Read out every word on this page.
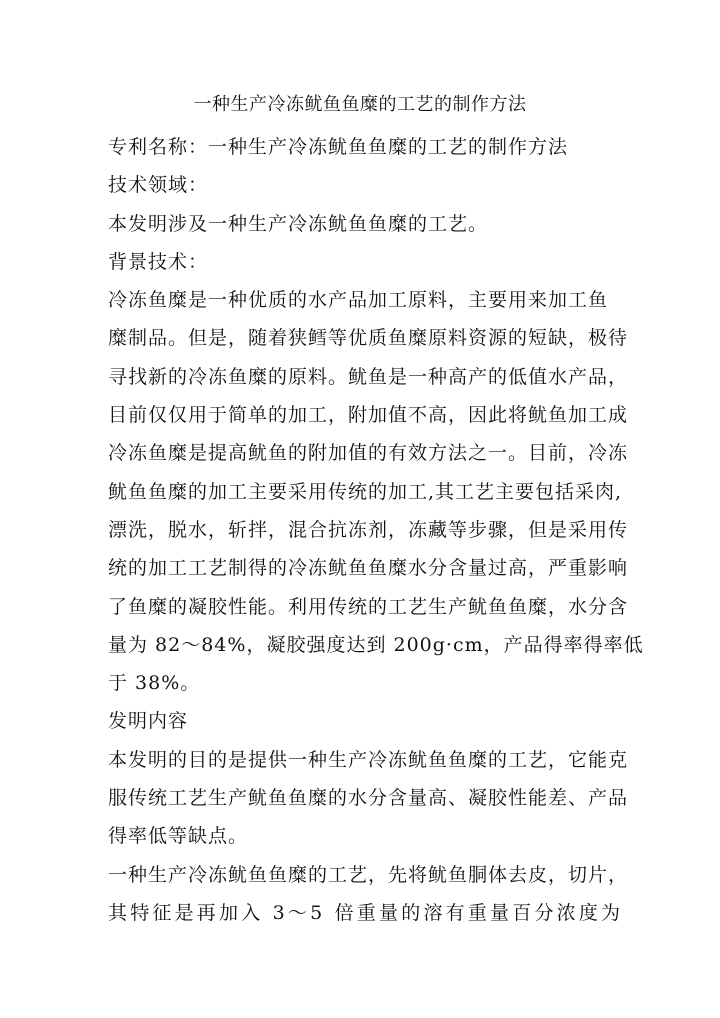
一种生产冷冻鱿鱼鱼糜的工艺的制作方法
专利名称：一种生产冷冻鱿鱼鱼糜的工艺的制作方法
技术领域：
本发明涉及一种生产冷冻鱿鱼鱼糜的工艺。
背景技术：
冷冻鱼糜是一种优质的水产品加工原料，主要用来加工鱼
糜制品。但是，随着狭鳕等优质鱼糜原料资源的短缺，极待
寻找新的冷冻鱼糜的原料。鱿鱼是一种高产的低值水产品，
目前仅仅用于简单的加工，附加值不高，因此将鱿鱼加工成
冷冻鱼糜是提高鱿鱼的附加值的有效方法之一。目前，冷冻
鱿鱼鱼糜的加工主要采用传统的加工,其工艺主要包括采肉,
漂洗，脱水，斩拌，混合抗冻剂，冻藏等步骤，但是采用传
统的加工工艺制得的冷冻鱿鱼鱼糜水分含量过高，严重影响
了鱼糜的凝胶性能。利用传统的工艺生产鱿鱼鱼糜，水分含
量为 82～84%，凝胶强度达到 200g·cm，产品得率得率低
于 38%。
发明内容
本发明的目的是提供一种生产冷冻鱿鱼鱼糜的工艺，它能克
服传统工艺生产鱿鱼鱼糜的水分含量高、凝胶性能差、产品
得率低等缺点。
一种生产冷冻鱿鱼鱼糜的工艺，先将鱿鱼胴体去皮，切片，
其特征是再加入 3～5 倍重量的溶有重量百分浓度为
